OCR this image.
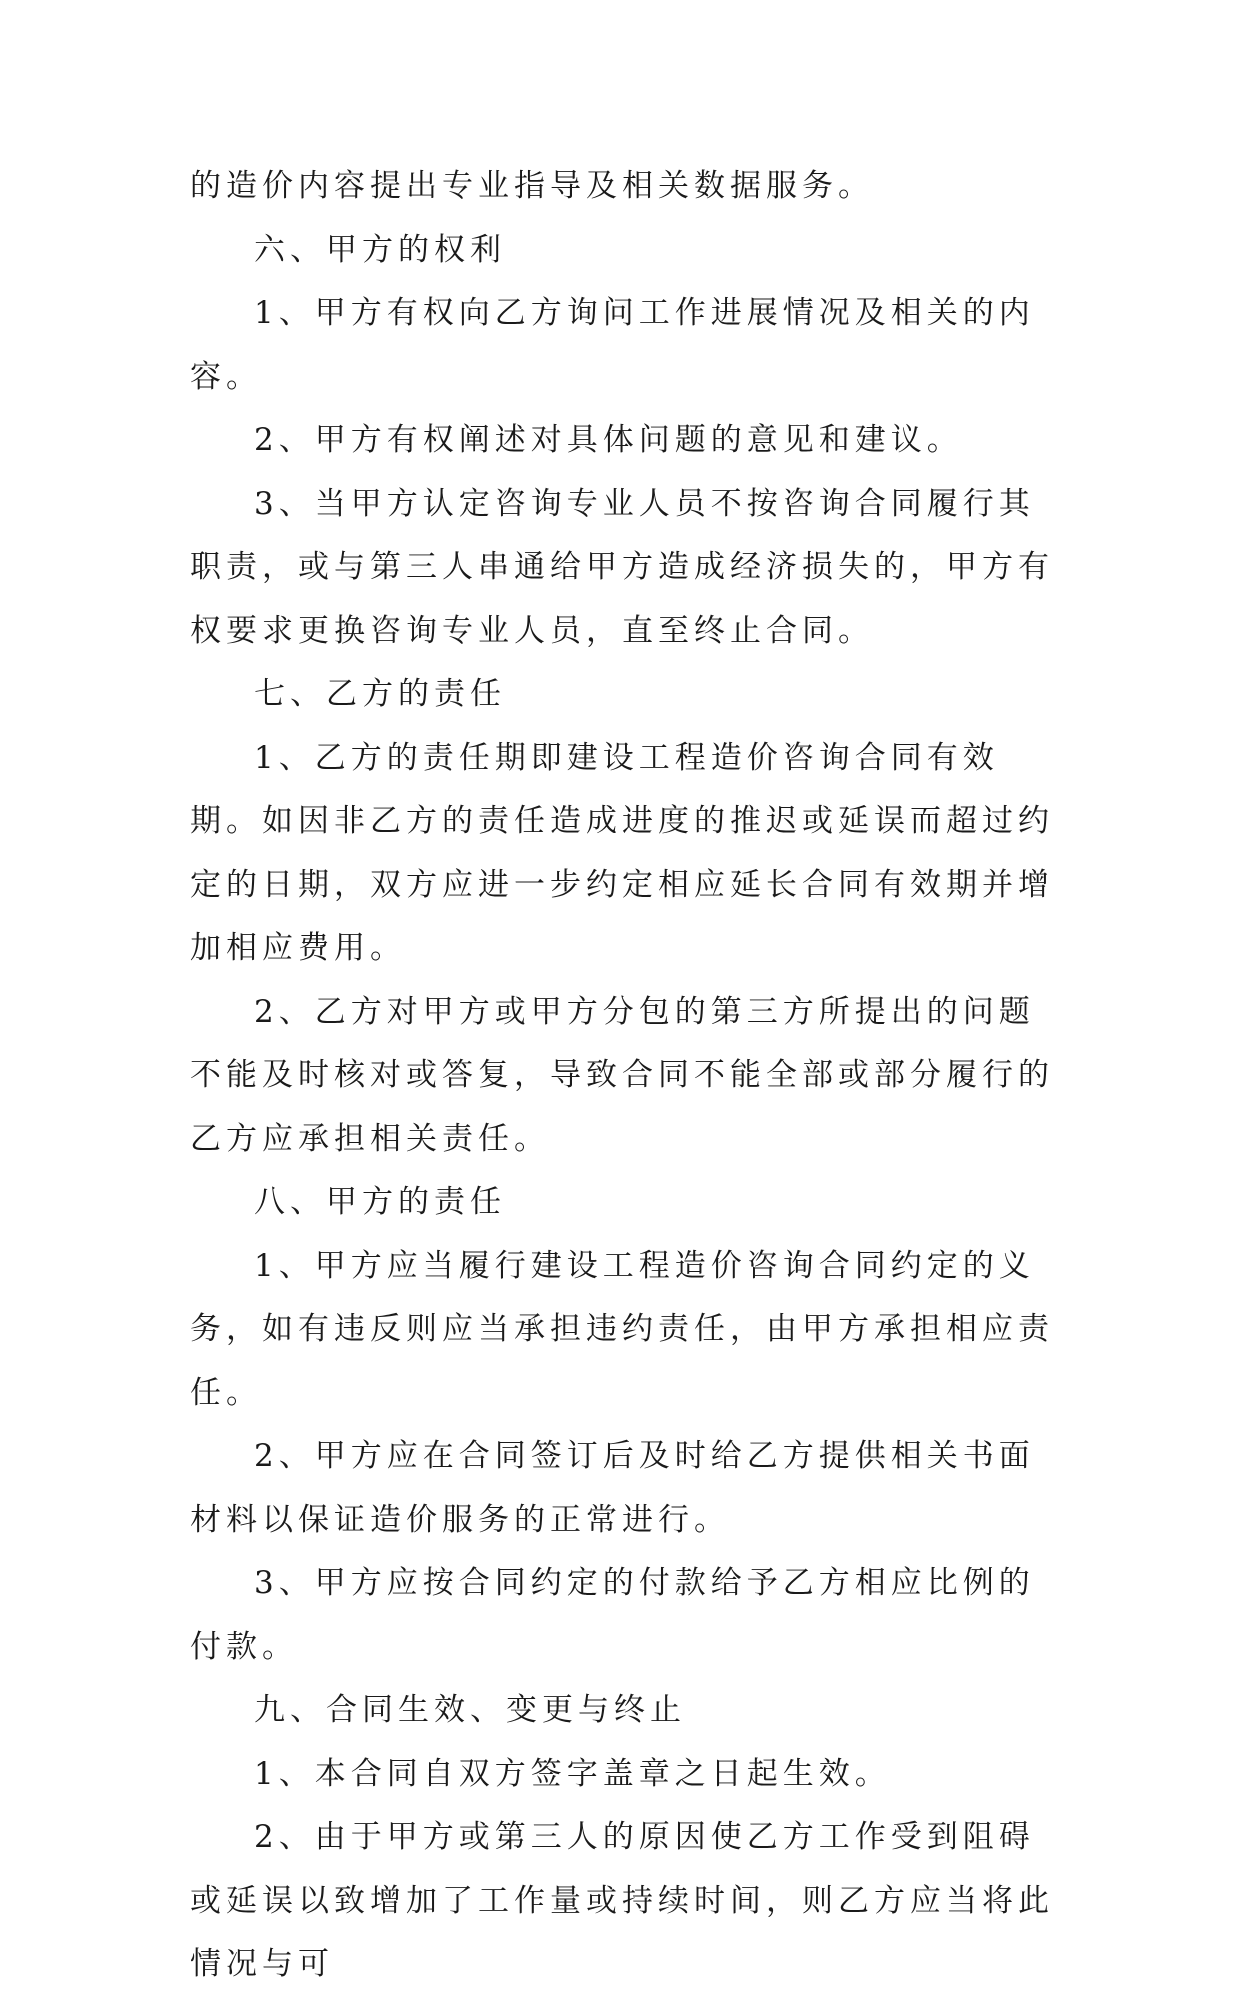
的造价内容提出专业指导及相关数据服务。

六、甲方的权利

1、甲方有权向乙方询问工作进展情况及相关的内容。

2、甲方有权阐述对具体问题的意见和建议。

3、当甲方认定咨询专业人员不按咨询合同履行其职责，或与第三人串通给甲方造成经济损失的，甲方有权要求更换咨询专业人员，直至终止合同。

七、乙方的责任

1、乙方的责任期即建设工程造价咨询合同有效期。如因非乙方的责任造成进度的推迟或延误而超过约定的日期，双方应进一步约定相应延长合同有效期并增加相应费用。

2、乙方对甲方或甲方分包的第三方所提出的问题不能及时核对或答复，导致合同不能全部或部分履行的乙方应承担相关责任。

八、甲方的责任

1、甲方应当履行建设工程造价咨询合同约定的义务，如有违反则应当承担违约责任，由甲方承担相应责任。

2、甲方应在合同签订后及时给乙方提供相关书面材料以保证造价服务的正常进行。

3、甲方应按合同约定的付款给予乙方相应比例的付款。

九、合同生效、变更与终止

1、本合同自双方签字盖章之日起生效。

2、由于甲方或第三人的原因使乙方工作受到阻碍或延误以致增加了工作量或持续时间，则乙方应当将此情况与可
